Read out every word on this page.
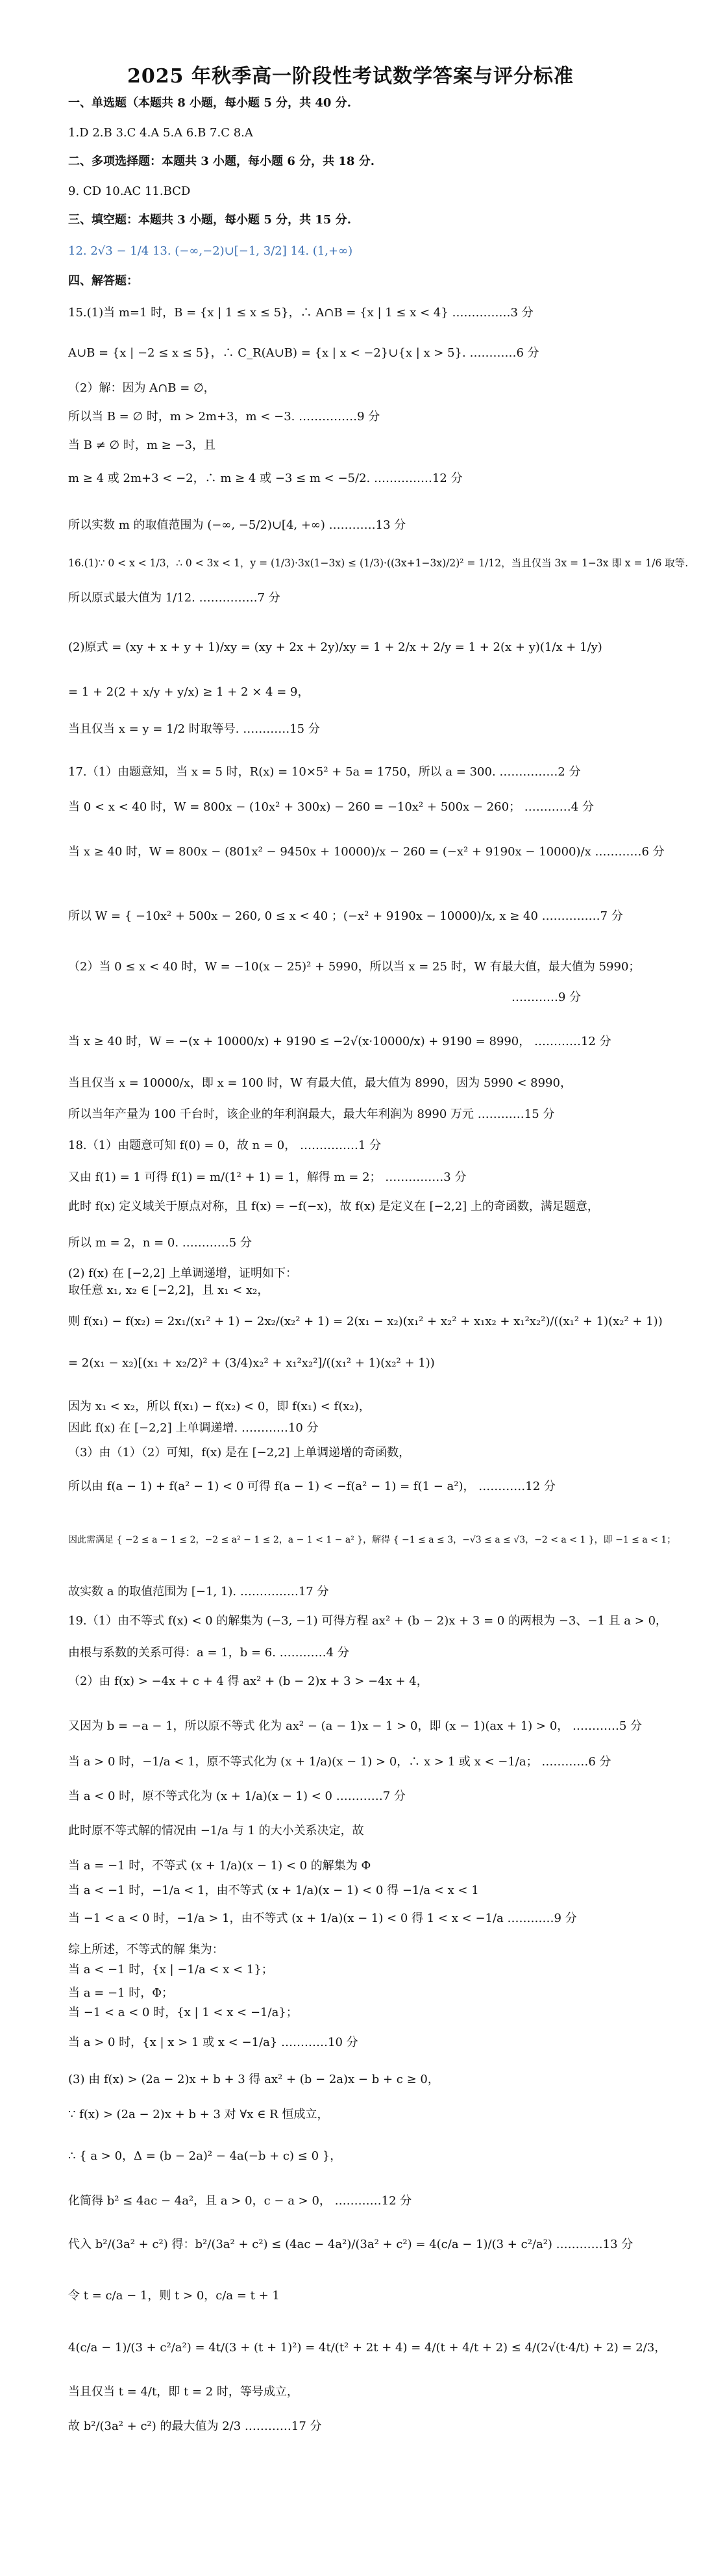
2025 年秋季高一阶段性考试数学答案与评分标准
一、单选题（本题共 8 小题，每小题 5 分，共 40 分.
1.D 2.B 3.C 4.A 5.A 6.B 7.C 8.A
二、多项选择题：本题共 3 小题，每小题 6 分，共 18 分.
9. CD 10.AC 11.BCD
三、填空题：本题共 3 小题，每小题 5 分，共 15 分.
12. 2√3 − 1/4 13. (−∞,−2)∪[−1, 3/2] 14. (1,+∞)
四、解答题：
15.(1)当 m=1 时，B = {x | 1 ≤ x ≤ 5}，∴ A∩B = {x | 1 ≤ x < 4} ……………3 分
A∪B = {x | −2 ≤ x ≤ 5}，∴ C_R(A∪B) = {x | x < −2}∪{x | x > 5}. …………6 分
（2）解：因为 A∩B = ∅，
所以当 B = ∅ 时，m > 2m+3，m < −3. ……………9 分
当 B ≠ ∅ 时，m ≥ −3，且
m ≥ 4 或 2m+3 < −2，∴ m ≥ 4 或 −3 ≤ m < −5/2. ……………12 分
所以实数 m 的取值范围为 (−∞, −5/2)∪[4, +∞) …………13 分
16.(1)∵ 0 < x < 1/3，∴ 0 < 3x < 1，y = (1/3)·3x(1−3x) ≤ (1/3)·((3x+1−3x)/2)² = 1/12，当且仅当 3x = 1−3x 即 x = 1/6 取等.
所以原式最大值为 1/12. ……………7 分
(2)原式 = (xy + x + y + 1)/xy = (xy + 2x + 2y)/xy = 1 + 2/x + 2/y = 1 + 2(x + y)(1/x + 1/y)
= 1 + 2(2 + x/y + y/x) ≥ 1 + 2 × 4 = 9，
当且仅当 x = y = 1/2 时取等号. …………15 分
17.（1）由题意知，当 x = 5 时，R(x) = 10×5² + 5a = 1750，所以 a = 300. ……………2 分
当 0 < x < 40 时，W = 800x − (10x² + 300x) − 260 = −10x² + 500x − 260； …………4 分
当 x ≥ 40 时，W = 800x − (801x² − 9450x + 10000)/x − 260 = (−x² + 9190x − 10000)/x …………6 分
所以 W = { −10x² + 500x − 260, 0 ≤ x < 40 ；(−x² + 9190x − 10000)/x, x ≥ 40 ……………7 分
（2）当 0 ≤ x < 40 时，W = −10(x − 25)² + 5990，所以当 x = 25 时，W 有最大值，最大值为 5990；
…………9 分
当 x ≥ 40 时，W = −(x + 10000/x) + 9190 ≤ −2√(x·10000/x) + 9190 = 8990， …………12 分
当且仅当 x = 10000/x，即 x = 100 时，W 有最大值，最大值为 8990，因为 5990 < 8990，
所以当年产量为 100 千台时，该企业的年利润最大，最大年利润为 8990 万元 …………15 分
18.（1）由题意可知 f(0) = 0，故 n = 0， ……………1 分
又由 f(1) = 1 可得 f(1) = m/(1² + 1) = 1，解得 m = 2； ……………3 分
此时 f(x) 定义域关于原点对称，且 f(x) = −f(−x)，故 f(x) 是定义在 [−2,2] 上的奇函数，满足题意，
所以 m = 2，n = 0. …………5 分
(2) f(x) 在 [−2,2] 上单调递增，证明如下：
取任意 x₁, x₂ ∈ [−2,2]，且 x₁ < x₂，
则 f(x₁) − f(x₂) = 2x₁/(x₁² + 1) − 2x₂/(x₂² + 1) = 2(x₁ − x₂)(x₁² + x₂² + x₁x₂ + x₁²x₂²)/((x₁² + 1)(x₂² + 1))
= 2(x₁ − x₂)[(x₁ + x₂/2)² + (3/4)x₂² + x₁²x₂²]/((x₁² + 1)(x₂² + 1))
因为 x₁ < x₂，所以 f(x₁) − f(x₂) < 0，即 f(x₁) < f(x₂)，
因此 f(x) 在 [−2,2] 上单调递增. …………10 分
（3）由（1）（2）可知，f(x) 是在 [−2,2] 上单调递增的奇函数，
所以由 f(a − 1) + f(a² − 1) < 0 可得 f(a − 1) < −f(a² − 1) = f(1 − a²)， …………12 分
因此需满足 { −2 ≤ a − 1 ≤ 2，−2 ≤ a² − 1 ≤ 2，a − 1 < 1 − a² }，解得 { −1 ≤ a ≤ 3，−√3 ≤ a ≤ √3，−2 < a < 1 }，即 −1 ≤ a < 1；
故实数 a 的取值范围为 [−1, 1). ……………17 分
19.（1）由不等式 f(x) < 0 的解集为 (−3, −1) 可得方程 ax² + (b − 2)x + 3 = 0 的两根为 −3、−1 且 a > 0，
由根与系数的关系可得：a = 1，b = 6. …………4 分
（2）由 f(x) > −4x + c + 4 得 ax² + (b − 2)x + 3 > −4x + 4，
又因为 b = −a − 1，所以原不等式 化为 ax² − (a − 1)x − 1 > 0，即 (x − 1)(ax + 1) > 0， …………5 分
当 a > 0 时，−1/a < 1，原不等式化为 (x + 1/a)(x − 1) > 0，∴ x > 1 或 x < −1/a； …………6 分
当 a < 0 时，原不等式化为 (x + 1/a)(x − 1) < 0 …………7 分
此时原不等式解的情况由 −1/a 与 1 的大小关系决定，故
当 a = −1 时，不等式 (x + 1/a)(x − 1) < 0 的解集为 Φ
当 a < −1 时，−1/a < 1，由不等式 (x + 1/a)(x − 1) < 0 得 −1/a < x < 1
当 −1 < a < 0 时，−1/a > 1，由不等式 (x + 1/a)(x − 1) < 0 得 1 < x < −1/a …………9 分
综上所述，不等式的解 集为：
当 a < −1 时，{x | −1/a < x < 1}；
当 a = −1 时，Φ；
当 −1 < a < 0 时，{x | 1 < x < −1/a}；
当 a > 0 时，{x | x > 1 或 x < −1/a} …………10 分
(3) 由 f(x) > (2a − 2)x + b + 3 得 ax² + (b − 2a)x − b + c ≥ 0，
∵ f(x) > (2a − 2)x + b + 3 对 ∀x ∈ R 恒成立，
∴ { a > 0，Δ = (b − 2a)² − 4a(−b + c) ≤ 0 }，
化简得 b² ≤ 4ac − 4a²，且 a > 0，c − a > 0， …………12 分
代入 b²/(3a² + c²) 得：b²/(3a² + c²) ≤ (4ac − 4a²)/(3a² + c²) = 4(c/a − 1)/(3 + c²/a²) …………13 分
令 t = c/a − 1，则 t > 0，c/a = t + 1
4(c/a − 1)/(3 + c²/a²) = 4t/(3 + (t + 1)²) = 4t/(t² + 2t + 4) = 4/(t + 4/t + 2) ≤ 4/(2√(t·4/t) + 2) = 2/3，
当且仅当 t = 4/t，即 t = 2 时，等号成立，
故 b²/(3a² + c²) 的最大值为 2/3 …………17 分
